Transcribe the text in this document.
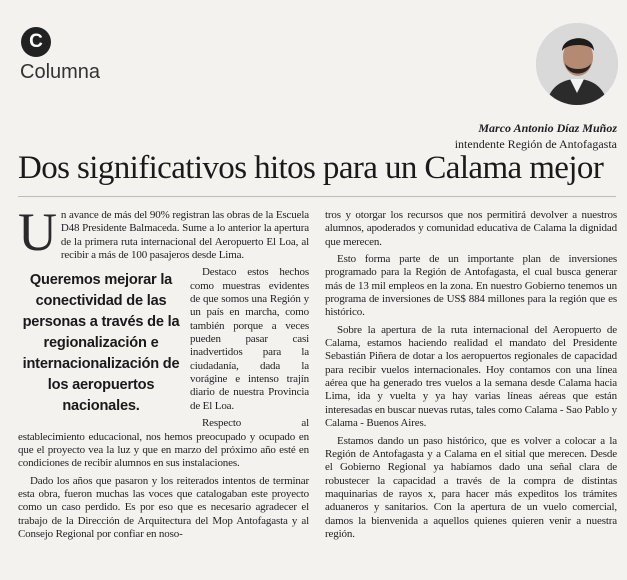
C
Columna
Marco Antonio Díaz Muñoz
intendente Región de Antofagasta
Dos significativos hitos para un Calama mejor
U n avance de más del 90% registran las obras de la Escuela D48 Presidente Balmaceda. Sume a lo anterior la apertura de la primera ruta internacional del Aeropuerto El Loa, al recibir a más de 100 pasajeros desde Lima.

Queremos mejorar la conectividad de las personas a través de la regionalización e internacionalización de los aeropuertos nacionales.

Destaco estos hechos como muestras evidentes de que somos una Región y un país en marcha, como también porque a veces pueden pasar casi inadvertidos para la ciudadanía, dada la vorágine e intenso trajín diario de nuestra Provincia de El Loa.

Respecto al establecimiento educacional, nos hemos preocupado y ocupado en que el proyecto vea la luz y que en marzo del próximo año esté en condiciones de recibir alumnos en sus instalaciones.

Dado los años que pasaron y los reiterados intentos de terminar esta obra, fueron muchas las voces que catalogaban este proyecto como un caso perdido. Es por eso que es necesario agradecer el trabajo de la Dirección de Arquitectura del Mop Antofagasta y al Consejo Regional por confiar en noso-

tros y otorgar los recursos que nos permitirá devolver a nuestros alumnos, apoderados y comunidad educativa de Calama la dignidad que merecen.

Esto forma parte de un importante plan de inversiones programado para la Región de Antofagasta, el cual busca generar más de 13 mil empleos en la zona. En nuestro Gobierno tenemos un programa de inversiones de US$ 884 millones para la región que es histórico.

Sobre la apertura de la ruta internacional del Aeropuerto de Calama, estamos haciendo realidad el mandato del Presidente Sebastián Piñera de dotar a los aeropuertos regionales de capacidad para recibir vuelos internacionales. Hoy contamos con una línea aérea que ha generado tres vuelos a la semana desde Calama hacia Lima, ida y vuelta y ya hay varias líneas aéreas que están interesadas en buscar nuevas rutas, tales como Calama - Sao Pablo y Calama - Buenos Aires.

Estamos dando un paso histórico, que es volver a colocar a la Región de Antofagasta y a Calama en el sitial que merecen. Desde el Gobierno Regional ya habíamos dado una señal clara de robustecer la capacidad a través de la compra de distintas maquinarias de rayos x, para hacer más expeditos los trámites aduaneros y sanitarios. Con la apertura de un vuelo comercial, damos la bienvenida a aquellos quienes quieren venir a nuestra región.
